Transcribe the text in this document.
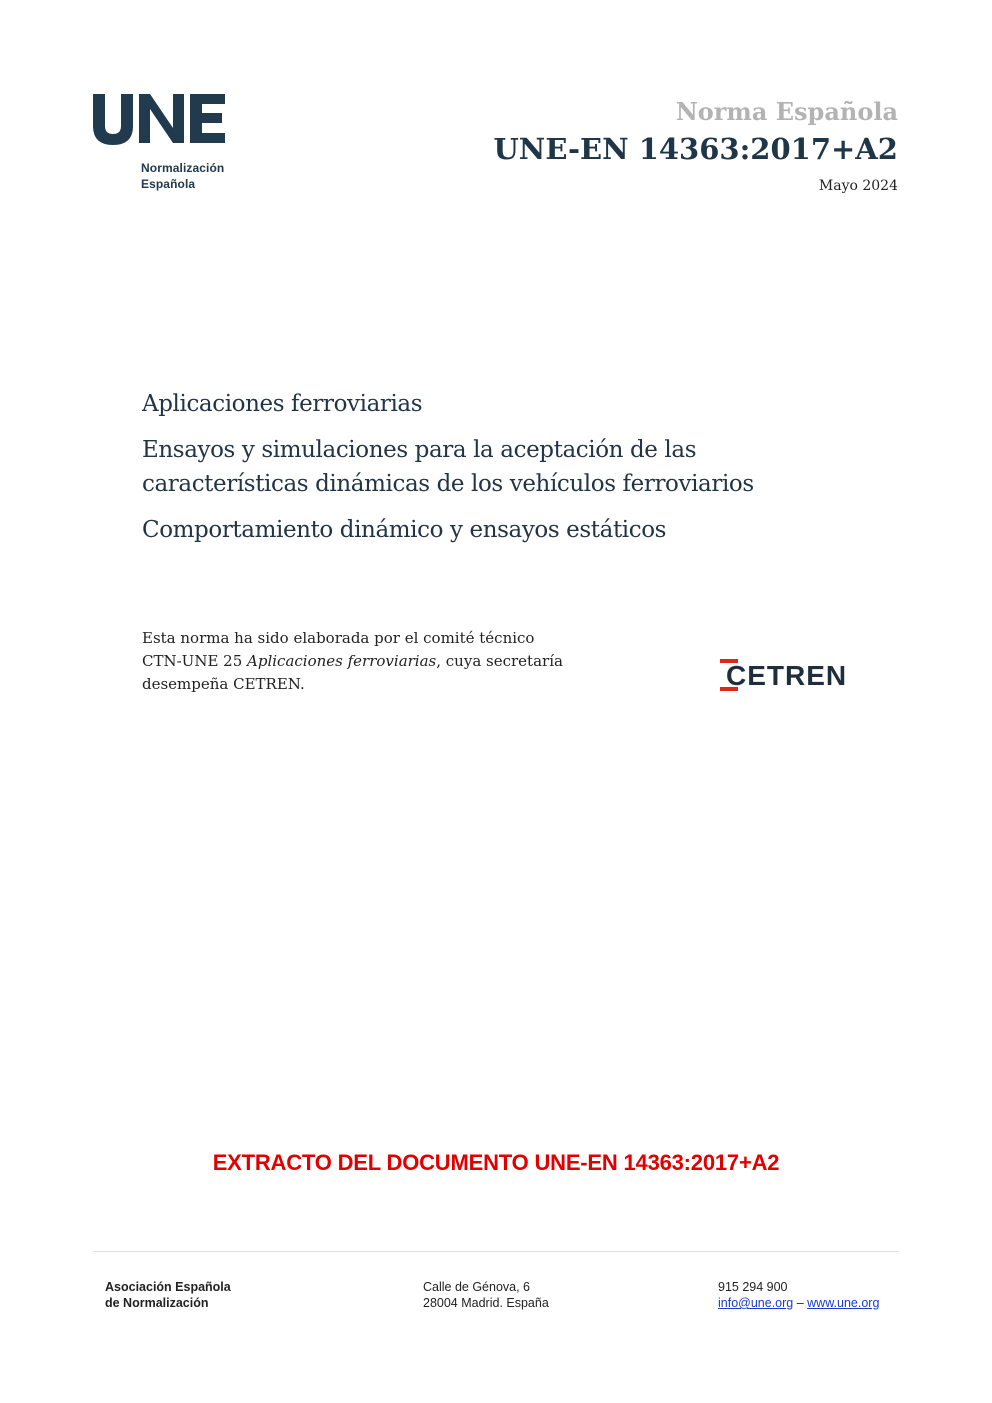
Normalización
Española
Norma Española
UNE-EN 14363:2017+A2
Mayo 2024
Aplicaciones ferroviarias
Ensayos y simulaciones para la aceptación de las
características dinámicas de los vehículos ferroviarios
Comportamiento dinámico y ensayos estáticos
Esta norma ha sido elaborada por el comité técnico
CTN-UNE 25 Aplicaciones ferroviarias, cuya secretaría
desempeña CETREN.	CETREN
EXTRACTO DEL DOCUMENTO UNE-EN 14363:2017+A2
Asociación Española
de Normalización
Calle de Génova, 6
28004 Madrid. España
915 294 900
info@une.org – www.une.org
